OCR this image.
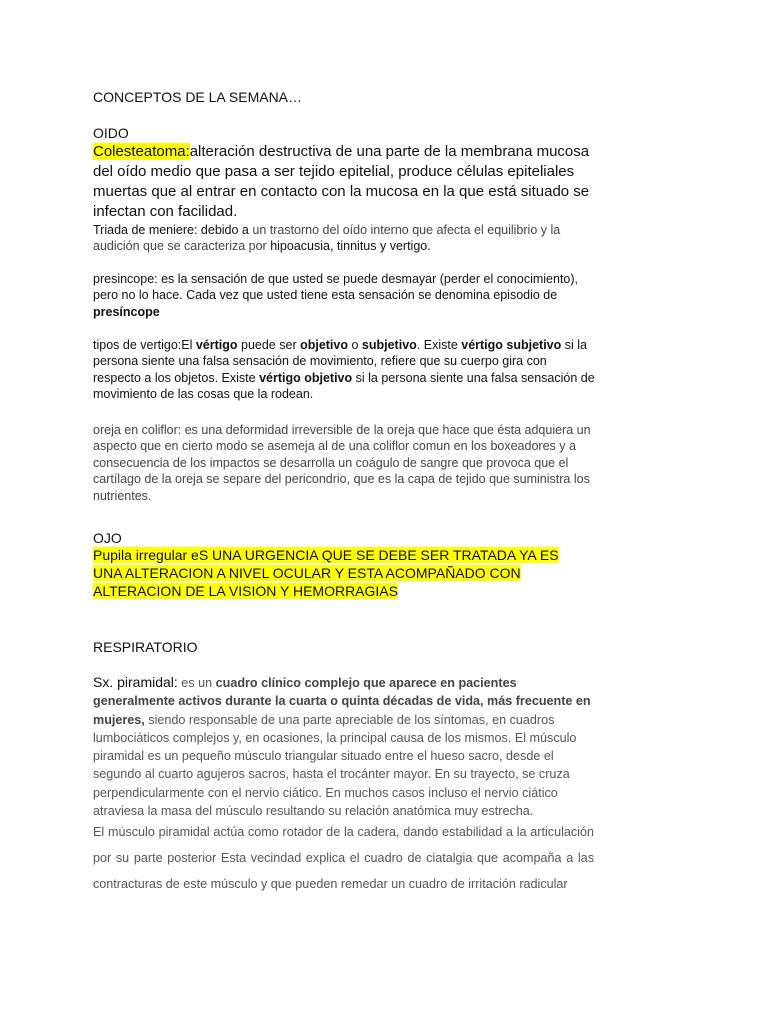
CONCEPTOS DE LA SEMANA…
OIDO
Colesteatoma:alteración destructiva de una parte de la membrana mucosa del oído medio que pasa a ser tejido epitelial, produce células epiteliales muertas que al entrar en contacto con la mucosa en la que está situado se infectan con facilidad.
Triada de meniere: debido a un trastorno del oído interno que afecta el equilibrio y la audición que se caracteriza por hipoacusia, tinnitus y vertigo.
presincope: es la sensación de que usted se puede desmayar (perder el conocimiento), pero no lo hace. Cada vez que usted tiene esta sensación se denomina episodio de presíncope
tipos de vertigo:El vértigo puede ser objetivo o subjetivo. Existe vértigo subjetivo si la persona siente una falsa sensación de movimiento, refiere que su cuerpo gira con respecto a los objetos. Existe vértigo objetivo si la persona siente una falsa sensación de movimiento de las cosas que la rodean.
oreja en coliflor: es una deformidad irreversible de la oreja que hace que ésta adquiera un aspecto que en cierto modo se asemeja al de una coliflor comun en los boxeadores y a consecuencia de los impactos se desarrolla un coágulo de sangre que provoca que el cartílago de la oreja se separe del pericondrio, que es la capa de tejido que suministra los nutrientes.
OJO
Pupila irregular eS UNA URGENCIA QUE SE DEBE SER TRATADA YA ES
UNA ALTERACION A NIVEL OCULAR Y ESTA ACOMPAÑADO CON
ALTERACION DE LA VISION Y HEMORRAGIAS
RESPIRATORIO
Sx. piramidal: es un cuadro clínico complejo que aparece en pacientes generalmente activos durante la cuarta o quinta décadas de vida, más frecuente en mujeres, siendo responsable de una parte apreciable de los síntomas, en cuadros lumbociáticos complejos y, en ocasiones, la principal causa de los mismos. El músculo piramidal es un pequeño músculo triangular situado entre el hueso sacro, desde el segundo al cuarto agujeros sacros, hasta el trocánter mayor. En su trayecto, se cruza perpendicularmente con el nervio ciático. En muchos casos incluso el nervio ciático atraviesa la masa del músculo resultando su relación anatómica muy estrecha.
El músculo piramidal actúa como rotador de la cadera, dando estabilidad a la articulación por su parte posterior Esta vecindad explica el cuadro de ciatalgia que acompaña a las contracturas de este músculo y que pueden remedar un cuadro de irritación radicular
